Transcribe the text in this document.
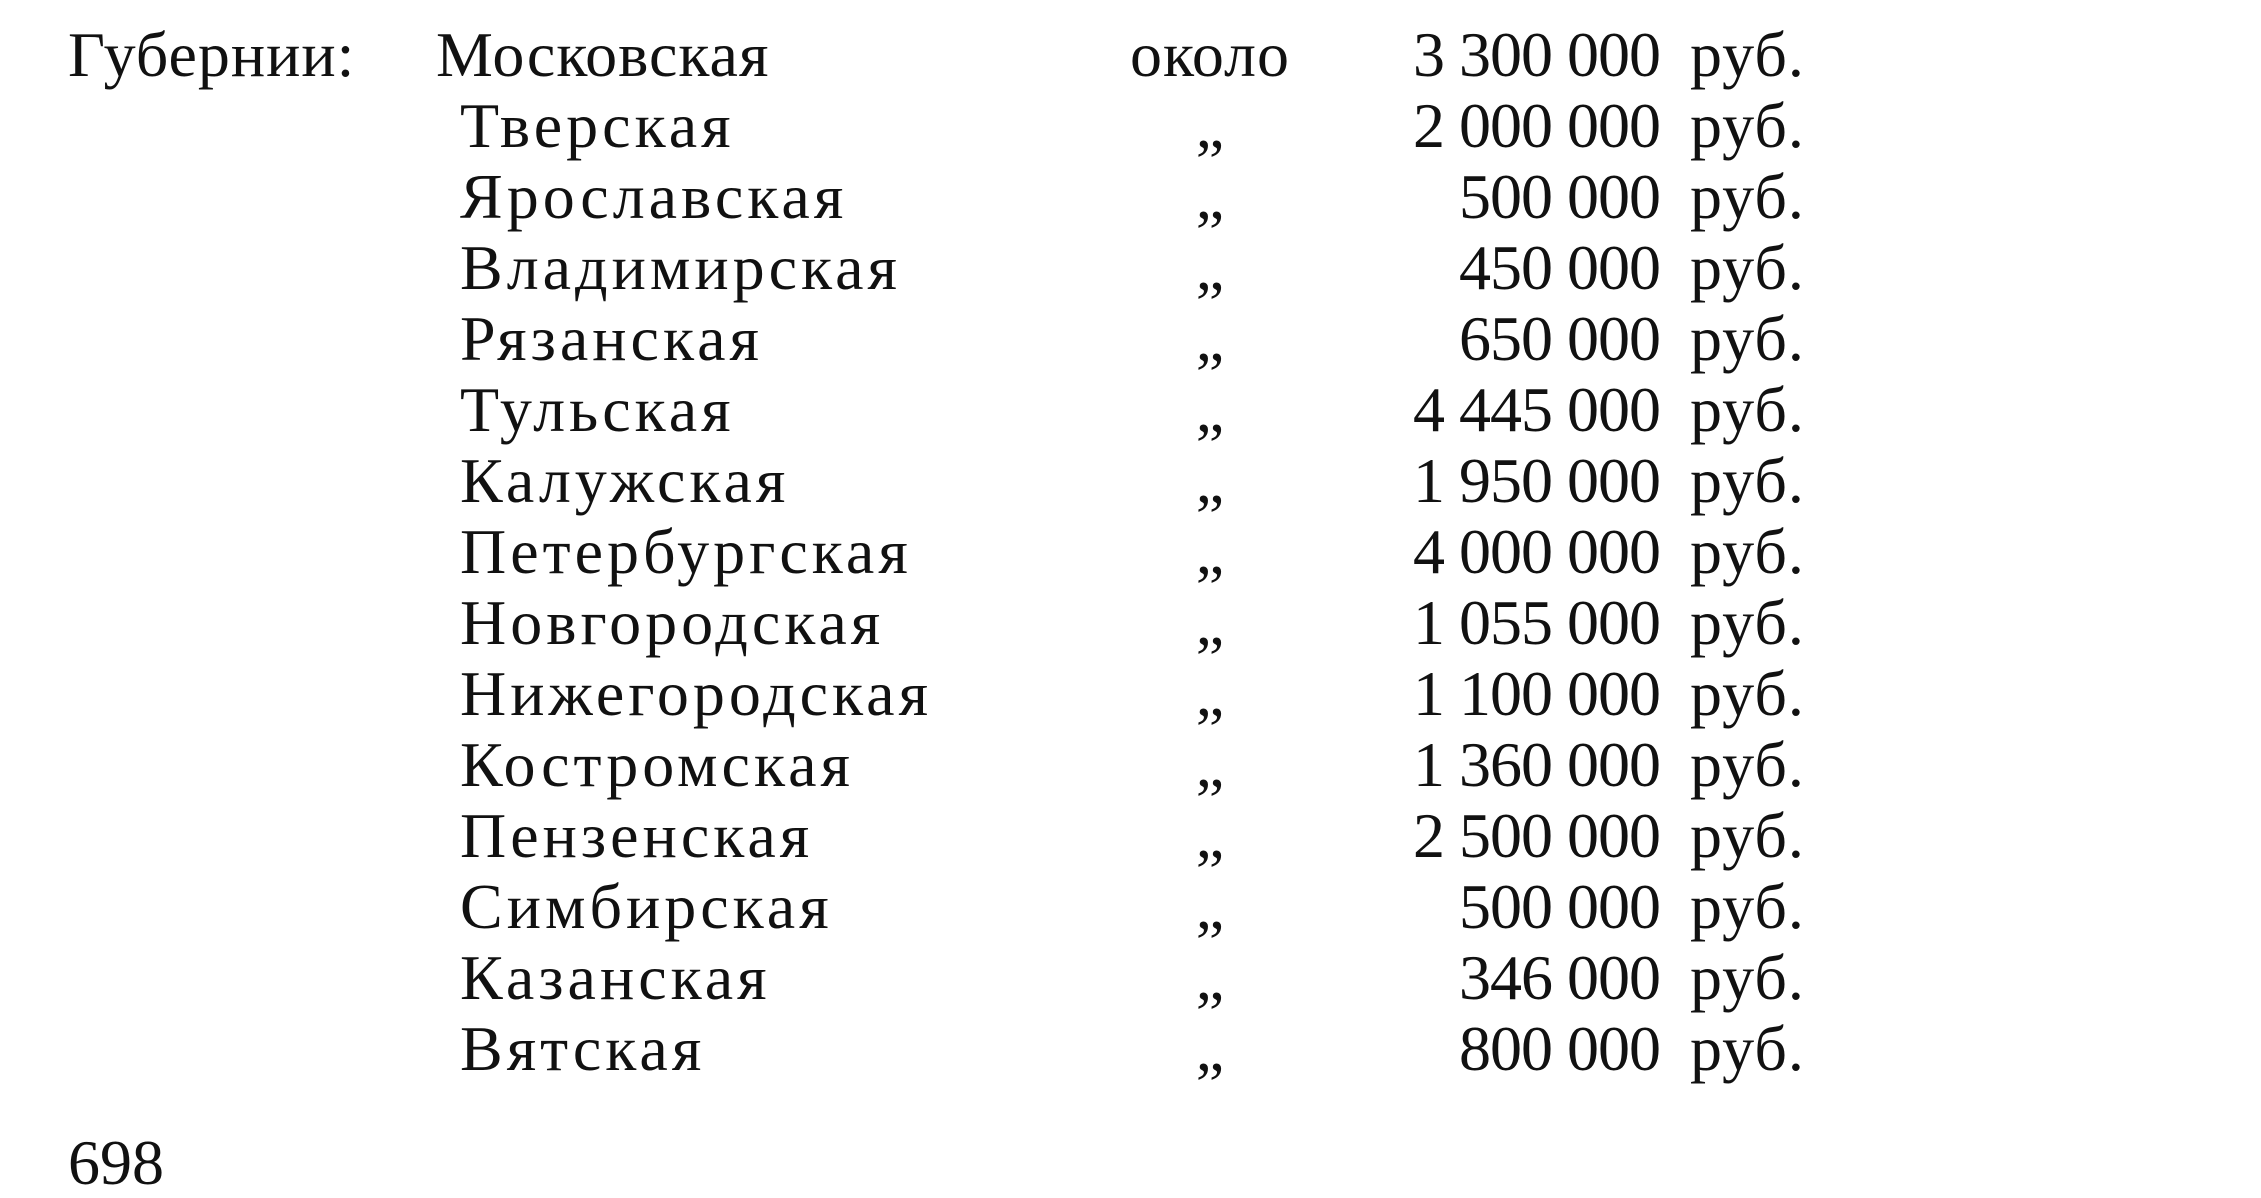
Губернии: Московская	около	3 300 000 руб.
Тверская	„	2 000 000 руб.
Ярославская	„	500 000 руб.
Владимирская	„	450 000 руб.
Рязанская	„	650 000 руб.
Тульская	„	4 445 000 руб.
Калужская	„	1 950 000 руб.
Петербургская	„	4 000 000 руб.
Новгородская	„	1 055 000 руб.
Нижегородская	„	1 100 000 руб.
Костромская	„	1 360 000 руб.
Пензенская	„	2 500 000 руб.
Симбирская	„	500 000 руб.
Казанская	„	346 000 руб.
Вятская	„	800 000 руб.
698
